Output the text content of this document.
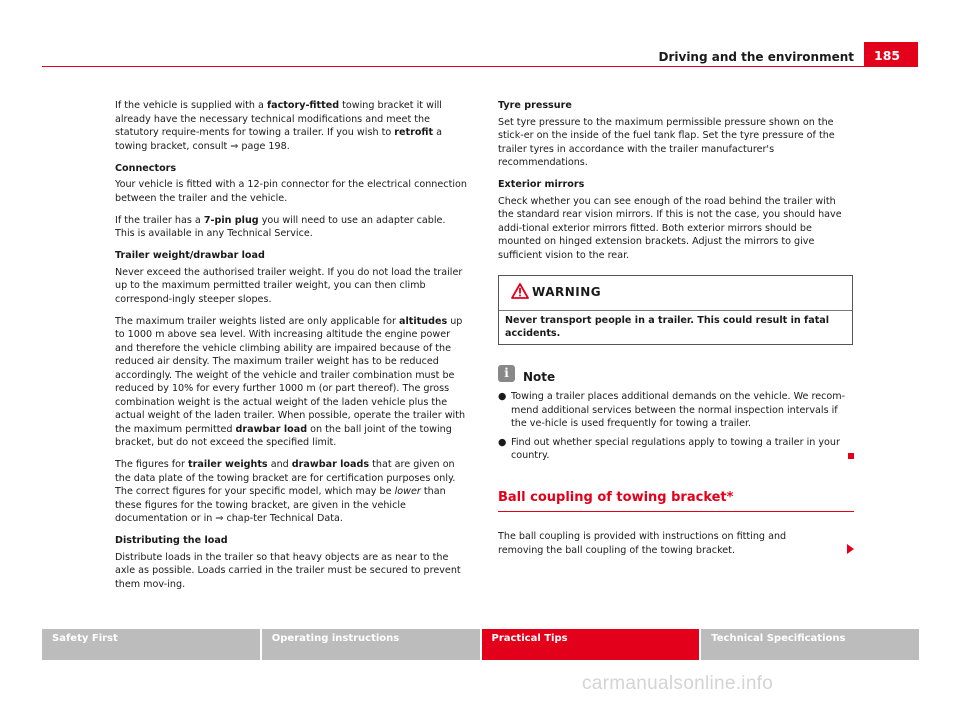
Driving and the environment	185

If the vehicle is supplied with a factory-fitted towing bracket it will already have the necessary technical modifications and meet the statutory require-ments for towing a trailer. If you wish to retrofit a towing bracket, consult ⇒ page 198.

Connectors

Your vehicle is fitted with a 12-pin connector for the electrical connection between the trailer and the vehicle.

If the trailer has a 7-pin plug you will need to use an adapter cable. This is available in any Technical Service.

Trailer weight/drawbar load

Never exceed the authorised trailer weight. If you do not load the trailer up to the maximum permitted trailer weight, you can then climb correspond-ingly steeper slopes.

The maximum trailer weights listed are only applicable for altitudes up to 1000 m above sea level. With increasing altitude the engine power and therefore the vehicle climbing ability are impaired because of the reduced air density. The maximum trailer weight has to be reduced accordingly. The weight of the vehicle and trailer combination must be reduced by 10% for every further 1000 m (or part thereof). The gross combination weight is the actual weight of the laden vehicle plus the actual weight of the laden trailer. When possible, operate the trailer with the maximum permitted drawbar load on the ball joint of the towing bracket, but do not exceed the specified limit.

The figures for trailer weights and drawbar loads that are given on the data plate of the towing bracket are for certification purposes only. The correct figures for your specific model, which may be lower than these figures for the towing bracket, are given in the vehicle documentation or in ⇒ chap-ter Technical Data.

Distributing the load

Distribute loads in the trailer so that heavy objects are as near to the axle as possible. Loads carried in the trailer must be secured to prevent them mov-ing.

Tyre pressure

Set tyre pressure to the maximum permissible pressure shown on the stick-er on the inside of the fuel tank flap. Set the tyre pressure of the trailer tyres in accordance with the trailer manufacturer's recommendations.

Exterior mirrors

Check whether you can see enough of the road behind the trailer with the standard rear vision mirrors. If this is not the case, you should have addi-tional exterior mirrors fitted. Both exterior mirrors should be mounted on hinged extension brackets. Adjust the mirrors to give sufficient vision to the rear.

WARNING
Never transport people in a trailer. This could result in fatal accidents.
i	Note
● Towing a trailer places additional demands on the vehicle. We recom-mend additional services between the normal inspection intervals if the ve-hicle is used frequently for towing a trailer.
● Find out whether special regulations apply to towing a trailer in your country.
Ball coupling of towing bracket*
The ball coupling is provided with instructions on fitting and removing the ball coupling of the towing bracket.
Safety First	Operating instructions	Practical Tips	Technical Specifications
carmanualsonline.info
